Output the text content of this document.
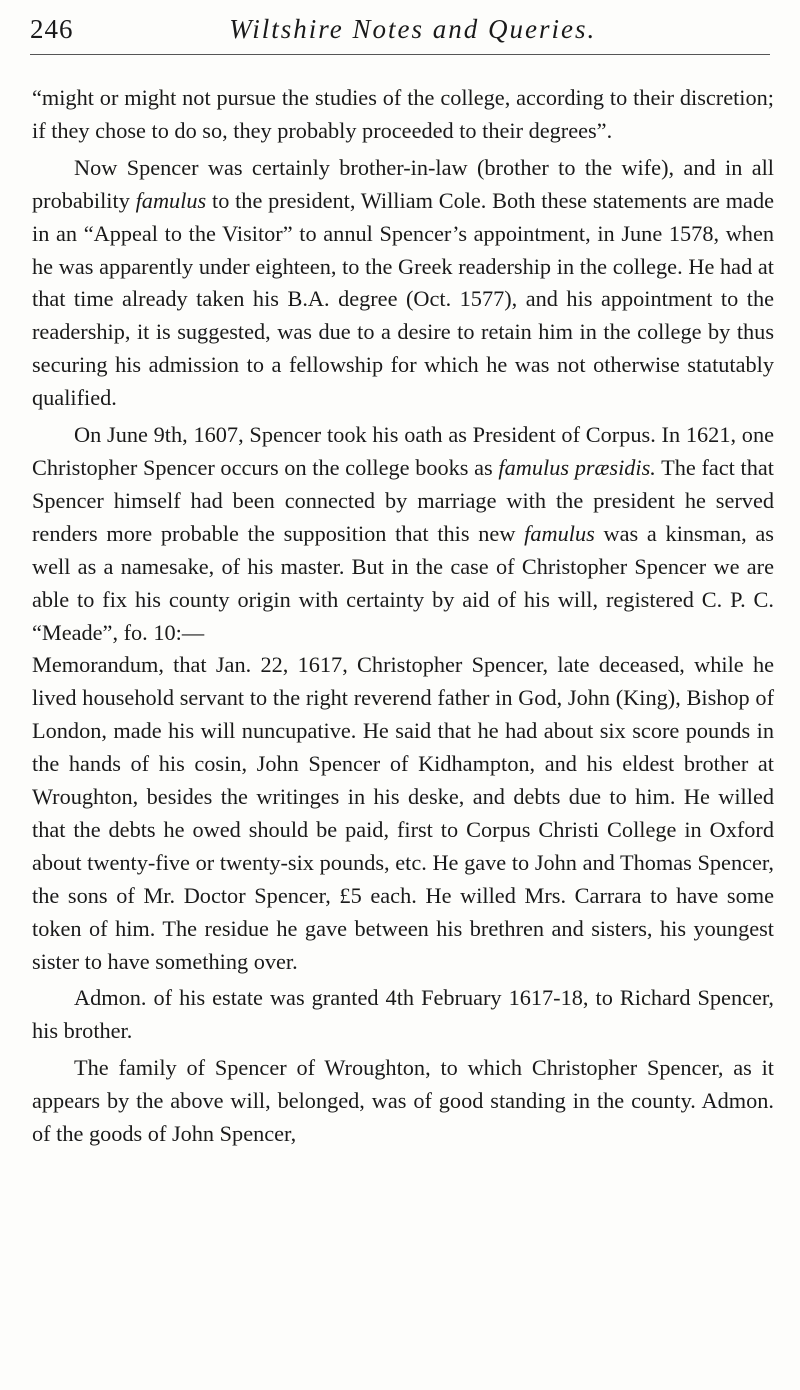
246	Wiltshire Notes and Queries.

“might or might not pursue the studies of the college, according to their discretion; if they chose to do so, they probably proceeded to their degrees”.

Now Spencer was certainly brother-in-law (brother to the wife), and in all probability famulus to the president, William Cole. Both these statements are made in an “Appeal to the Visitor” to annul Spencer’s appointment, in June 1578, when he was apparently under eighteen, to the Greek readership in the college. He had at that time already taken his B.A. degree (Oct. 1577), and his appointment to the readership, it is suggested, was due to a desire to retain him in the college by thus securing his admission to a fellowship for which he was not otherwise statutably qualified.

On June 9th, 1607, Spencer took his oath as President of Corpus. In 1621, one Christopher Spencer occurs on the college books as famulus præsidis. The fact that Spencer himself had been connected by marriage with the president he served renders more probable the supposition that this new famulus was a kinsman, as well as a namesake, of his master. But in the case of Christopher Spencer we are able to fix his county origin with certainty by aid of his will, registered C. P. C. “Meade”, fo. 10:—

Memorandum, that Jan. 22, 1617, Christopher Spencer, late deceased, while he lived household servant to the right reverend father in God, John (King), Bishop of London, made his will nuncupative. He said that he had about six score pounds in the hands of his cosin, John Spencer of Kidhampton, and his eldest brother at Wroughton, besides the writinges in his deske, and debts due to him. He willed that the debts he owed should be paid, first to Corpus Christi College in Oxford about twenty-five or twenty-six pounds, etc. He gave to John and Thomas Spencer, the sons of Mr. Doctor Spencer, £5 each. He willed Mrs. Carrara to have some token of him. The residue he gave between his brethren and sisters, his youngest sister to have something over.

Admon. of his estate was granted 4th February 1617-18, to Richard Spencer, his brother.

The family of Spencer of Wroughton, to which Christopher Spencer, as it appears by the above will, belonged, was of good standing in the county. Admon. of the goods of John Spencer,
